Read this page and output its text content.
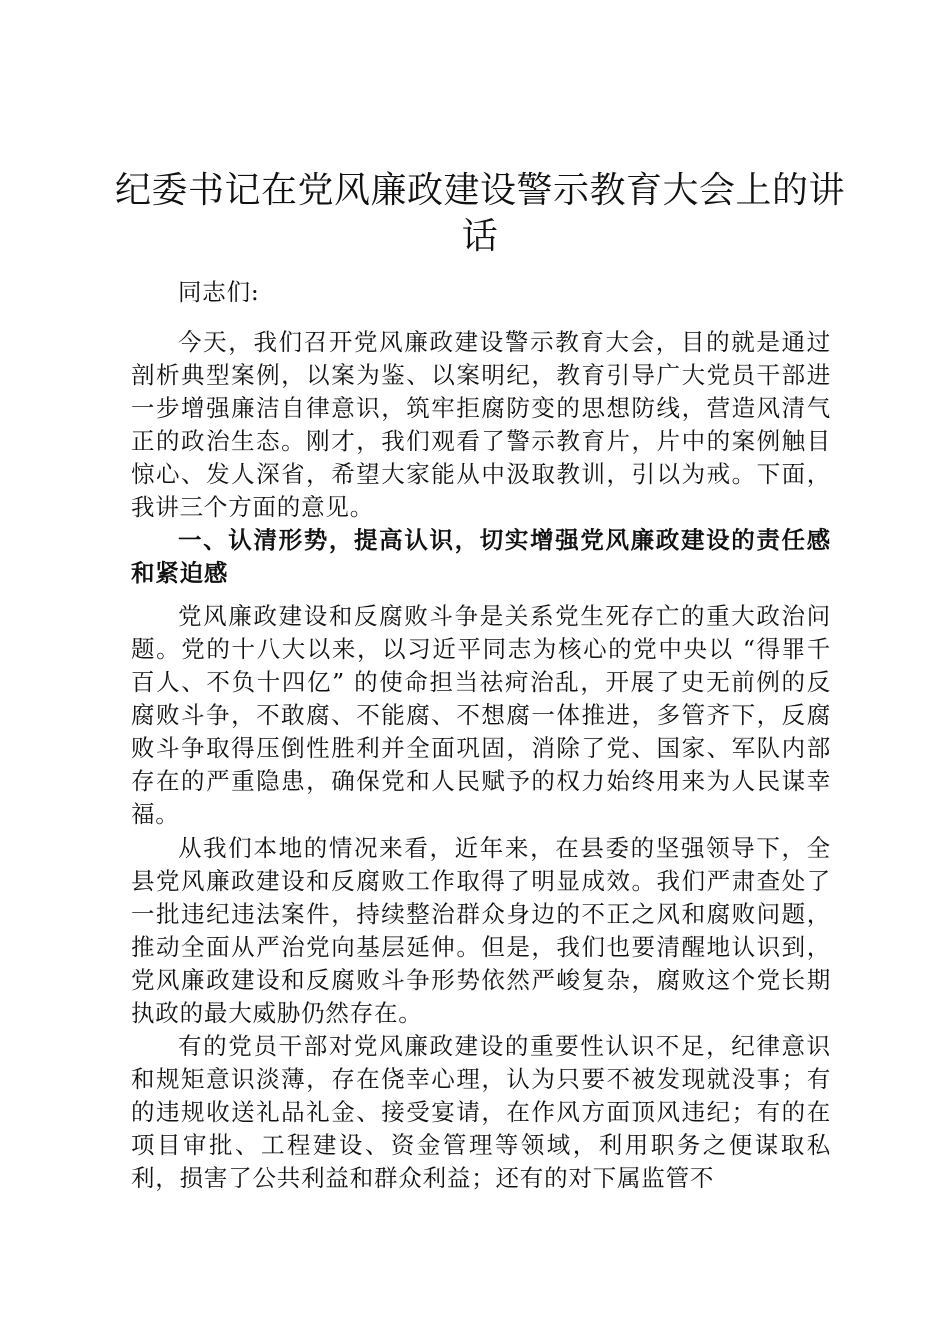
纪委书记在党风廉政建设警示教育大会上的讲话

同志们:

今天，我们召开党风廉政建设警示教育大会，目的就是通过剖析典型案例，以案为鉴、以案明纪，教育引导广大党员干部进一步增强廉洁自律意识，筑牢拒腐防变的思想防线，营造风清气正的政治生态。刚才，我们观看了警示教育片，片中的案例触目惊心、发人深省，希望大家能从中汲取教训，引以为戒。下面，我讲三个方面的意见。

一、认清形势，提高认识，切实增强党风廉政建设的责任感和紧迫感

党风廉政建设和反腐败斗争是关系党生死存亡的重大政治问题。党的十八大以来，以习近平同志为核心的党中央以 “得罪千百人、不负十四亿” 的使命担当祛疴治乱，开展了史无前例的反腐败斗争，不敢腐、不能腐、不想腐一体推进，多管齐下，反腐败斗争取得压倒性胜利并全面巩固，消除了党、国家、军队内部存在的严重隐患，确保党和人民赋予的权力始终用来为人民谋幸福。

从我们本地的情况来看，近年来，在县委的坚强领导下，全县党风廉政建设和反腐败工作取得了明显成效。我们严肃查处了一批违纪违法案件，持续整治群众身边的不正之风和腐败问题，推动全面从严治党向基层延伸。但是，我们也要清醒地认识到，党风廉政建设和反腐败斗争形势依然严峻复杂，腐败这个党长期执政的最大威胁仍然存在。

有的党员干部对党风廉政建设的重要性认识不足，纪律意识和规矩意识淡薄，存在侥幸心理，认为只要不被发现就没事；有的违规收送礼品礼金、接受宴请，在作风方面顶风违纪；有的在项目审批、工程建设、资金管理等领域，利用职务之便谋取私利，损害了公共利益和群众利益；还有的对下属监管不
